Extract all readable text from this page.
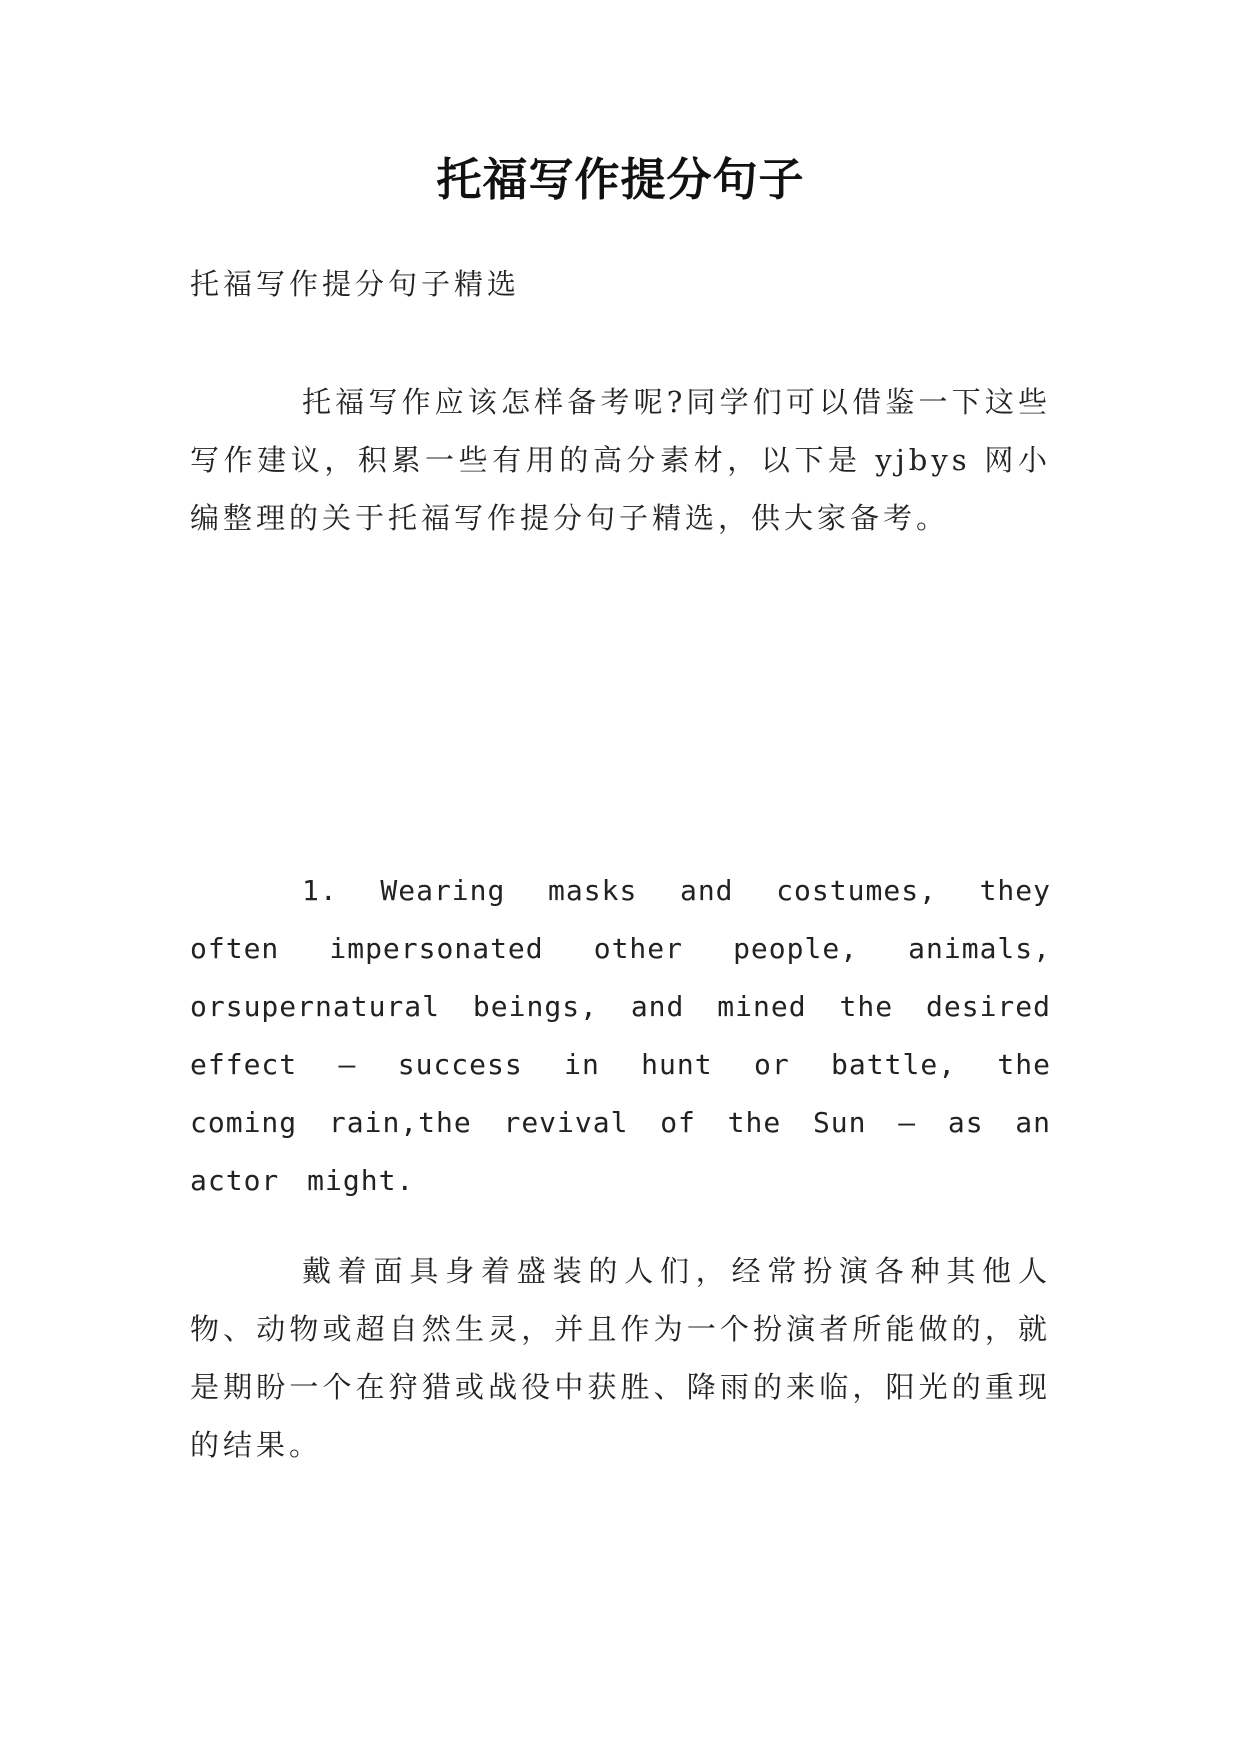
托福写作提分句子

托福写作提分句子精选

托福写作应该怎样备考呢?同学们可以借鉴一下这些写作建议，积累一些有用的高分素材，以下是 yjbys 网小编整理的关于托福写作提分句子精选，供大家备考。

1. Wearing masks and costumes, they often impersonated other people, animals, orsupernatural beings, and mined the desired effect – success in hunt or battle, the coming rain,the revival of the Sun – as an actor might.

戴着面具身着盛装的人们，经常扮演各种其他人物、动物或超自然生灵，并且作为一个扮演者所能做的，就是期盼一个在狩猎或战役中获胜、降雨的来临，阳光的重现的结果。
